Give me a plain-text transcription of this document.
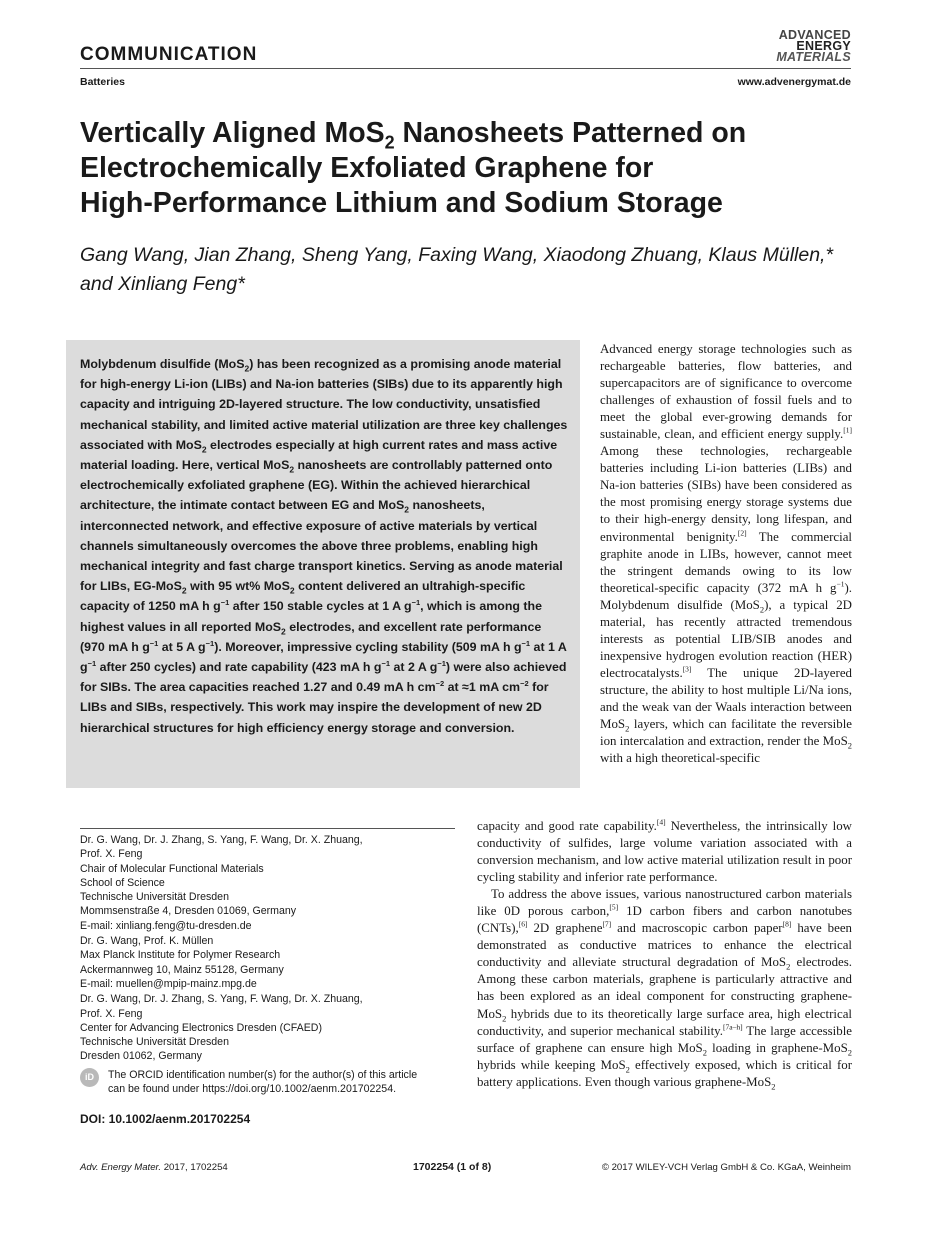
COMMUNICATION
ADVANCED
ENERGY
MATERIALS
Batteries	www.advenergymat.de
Vertically Aligned MoS$_2$ Nanosheets Patterned on
Electrochemically Exfoliated Graphene for
High-Performance Lithium and Sodium Storage
Gang Wang, Jian Zhang, Sheng Yang, Faxing Wang, Xiaodong Zhuang, Klaus Müllen,*
and Xinliang Feng*
Molybdenum disulfide (MoS$_2$) has been recognized as a promising anode material for high-energy Li-ion (LIBs) and Na-ion batteries (SIBs) due to its apparently high capacity and intriguing 2D-layered structure. The low conductivity, unsatisfied mechanical stability, and limited active material utilization are three key challenges associated with MoS$_2$ electrodes especially at high current rates and mass active material loading. Here, vertical MoS$_2$ nanosheets are controllably patterned onto electrochemically exfoliated graphene (EG). Within the achieved hierarchical architecture, the intimate contact between EG and MoS$_2$ nanosheets, interconnected network, and effective exposure of active materials by vertical channels simultaneously overcomes the above three problems, enabling high mechanical integrity and fast charge transport kinetics. Serving as anode material for LIBs, EG-MoS$_2$ with 95 wt% MoS$_2$ content delivered an ultrahigh-specific capacity of 1250 mA h $g^{-1}$ after 150 stable cycles at 1 A $g^{-1}$, which is among the highest values in all reported MoS$_2$ electrodes, and excellent rate performance (970 mA h $g^{-1}$ at 5 A $g^{-1}$). Moreover, impressive cycling stability (509 mA h $g^{-1}$ at 1 A $g^{-1}$ after 250 cycles) and rate capability (423 mA h $g^{-1}$ at 2 A $g^{-1}$) were also achieved for SIBs. The area capacities reached 1.27 and 0.49 mA h $cm^{-2}$ at ≈1 mA $cm^{-2}$ for LIBs and SIBs, respectively. This work may inspire the development of new 2D hierarchical structures for high efficiency energy storage and conversion.

Advanced energy storage technologies such as rechargeable batteries, flow batteries, and supercapacitors are of significance to overcome challenges of exhaustion of fossil fuels and to meet the global ever-growing demands for sustainable, clean, and efficient energy supply.[1] Among these technologies, rechargeable batteries including Li-ion batteries (LIBs) and Na-ion batteries (SIBs) have been considered as the most promising energy storage systems due to their high-energy density, long lifespan, and environmental benignity.[2] The commercial graphite anode in LIBs, however, cannot meet the stringent demands owing to its low theoretical-specific capacity (372 mA h $g^{-1}$). Molybdenum disulfide (MoS$_2$), a typical 2D material, has recently attracted tremendous interests as potential LIB/SIB anodes and inexpensive hydrogen evolution reaction (HER) electrocatalysts.[3] The unique 2D-layered structure, the ability to host multiple Li/Na ions, and the weak van der Waals interaction between MoS$_2$ layers, which can facilitate the reversible ion intercalation and extraction, render the MoS$_2$ with a high theoretical-specific

capacity and good rate capability.[4] Nevertheless, the intrinsically low conductivity of sulfides, large volume variation associated with a conversion mechanism, and low active material utilization result in poor cycling stability and inferior rate performance.

To address the above issues, various nanostructured carbon materials like 0D porous carbon,[5] 1D carbon fibers and carbon nanotubes (CNTs),[6] 2D graphene[7] and macroscopic carbon paper[8] have been demonstrated as conductive matrices to enhance the electrical conductivity and alleviate structural degradation of MoS$_2$ electrodes. Among these carbon materials, graphene is particularly attractive and has been explored as an ideal component for constructing graphene-MoS$_2$ hybrids due to its theoretically large surface area, high electrical conductivity, and superior mechanical stability.[7a–h] The large accessible surface of graphene can ensure high MoS$_2$ loading in graphene-MoS$_2$ hybrids while keeping MoS$_2$ effectively exposed, which is critical for battery applications. Even though various graphene-MoS$_2$

Dr. G. Wang, Dr. J. Zhang, S. Yang, F. Wang, Dr. X. Zhuang,
Prof. X. Feng
Chair of Molecular Functional Materials
School of Science
Technische Universität Dresden
Mommsenstraße 4, Dresden 01069, Germany
E-mail: xinliang.feng@tu-dresden.de
Dr. G. Wang, Prof. K. Müllen
Max Planck Institute for Polymer Research
Ackermannweg 10, Mainz 55128, Germany
E-mail: muellen@mpip-mainz.mpg.de
Dr. G. Wang, Dr. J. Zhang, S. Yang, F. Wang, Dr. X. Zhuang,
Prof. X. Feng
Center for Advancing Electronics Dresden (CFAED)
Technische Universität Dresden
Dresden 01062, Germany
iD	The ORCID identification number(s) for the author(s) of this article
can be found under https://doi.org/10.1002/aenm.201702254.
DOI: 10.1002/aenm.201702254
Adv. Energy Mater. 2017, 1702254	1702254 (1 of 8)	© 2017 WILEY-VCH Verlag GmbH & Co. KGaA, Weinheim
